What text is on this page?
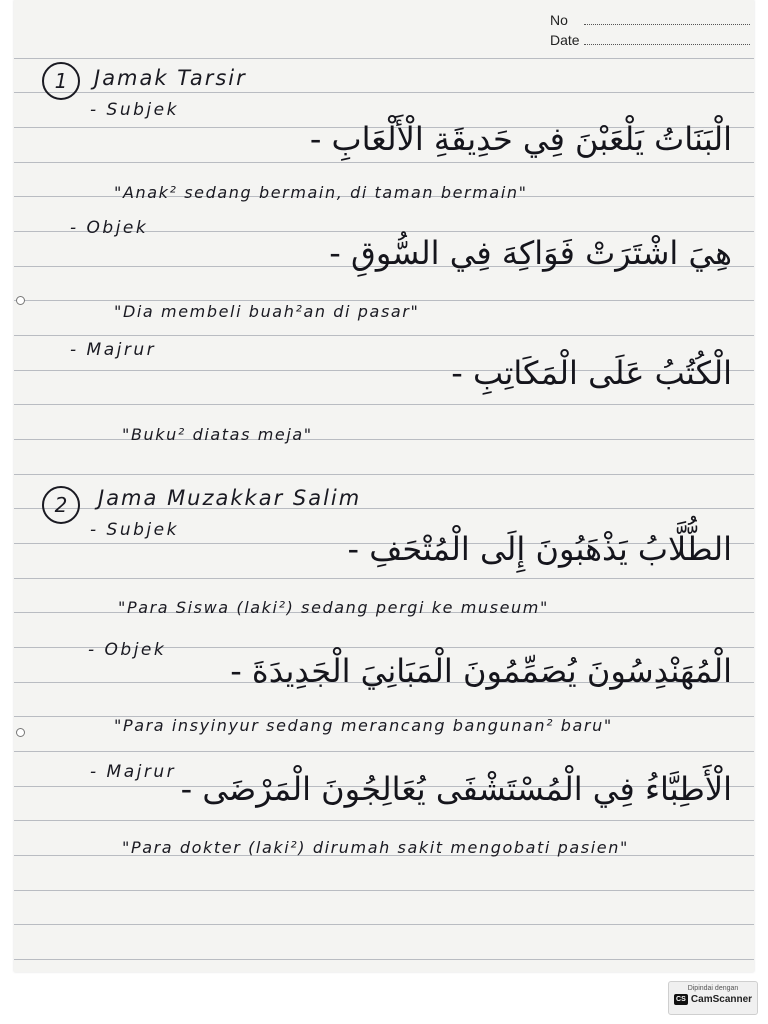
No
Date
1	Jamak Tarsir
- Subjek
الْبَنَاتُ يَلْعَبْنَ فِي حَدِيقَةِ الْأَلْعَابِ -
"Anak² sedang bermain, di taman bermain"
- Objek
هِيَ اشْتَرَتْ فَوَاكِهَ فِي السُّوقِ -
"Dia membeli buah²an di pasar"
- Majrur
الْكُتُبُ عَلَى الْمَكَاتِبِ -
"Buku² diatas meja"
2	Jama Muzakkar Salim
- Subjek	الطُّلَّابُ يَذْهَبُونَ إِلَى الْمُتْحَفِ -
"Para Siswa (laki²) sedang pergi ke museum"
- Objek
الْمُهَنْدِسُونَ يُصَمِّمُونَ الْمَبَانِيَ الْجَدِيدَةَ -
"Para insyinyur sedang merancang bangunan² baru"
- Majrur الْأَطِبَّاءُ فِي الْمُسْتَشْفَى يُعَالِجُونَ الْمَرْضَى -
"Para dokter (laki²) dirumah sakit mengobati pasien"
Dipindai dengan
CS CamScanner
